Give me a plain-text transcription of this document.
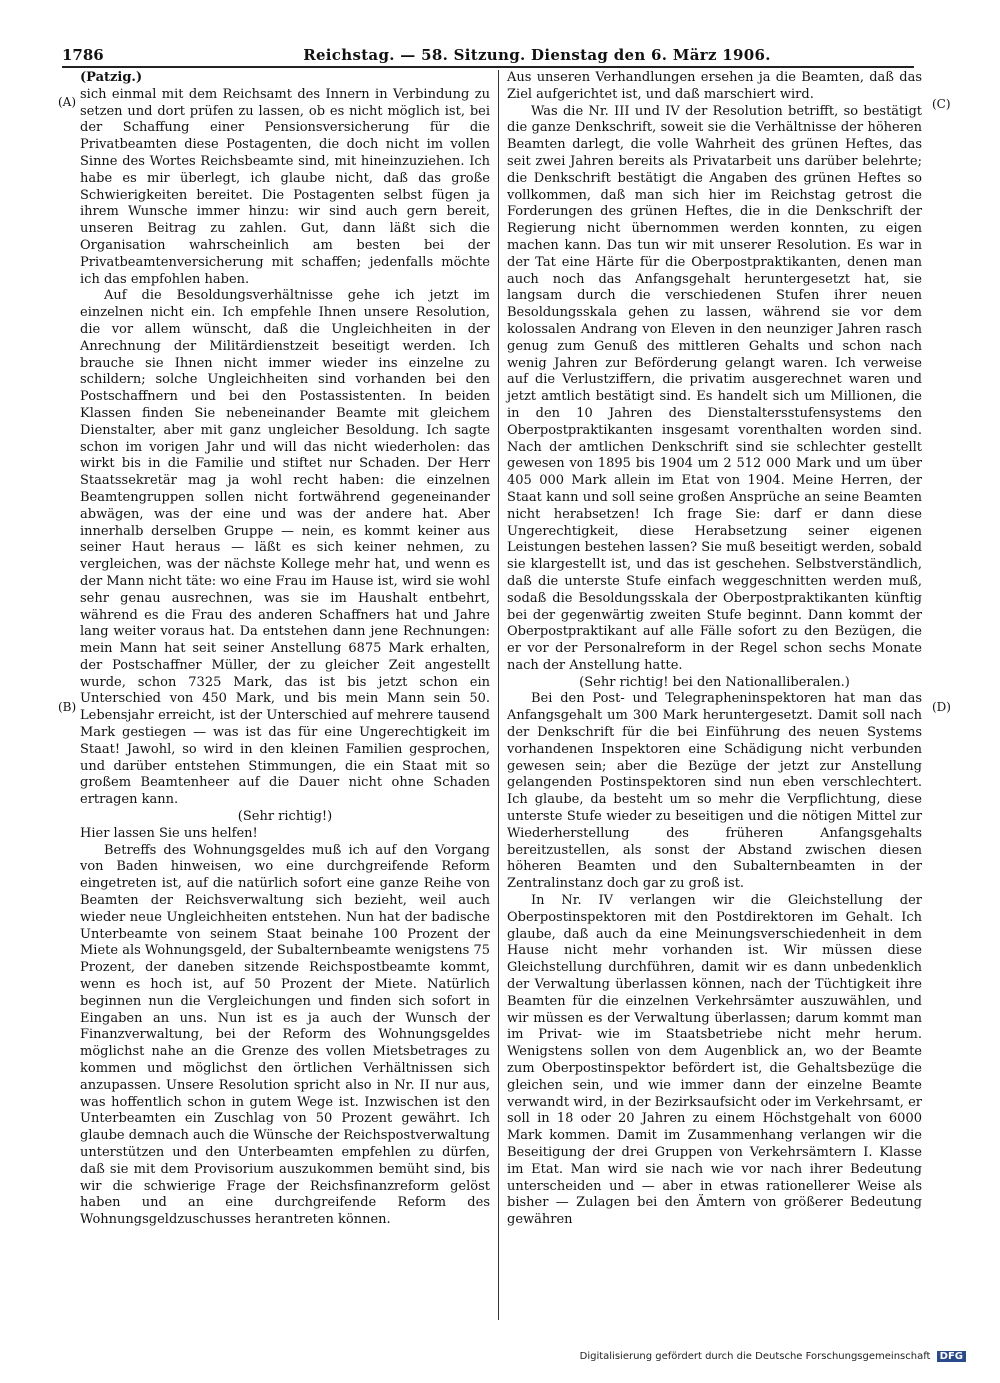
1786	Reichstag. — 58. Sitzung. Dienstag den 6. März 1906.
(A)
(B)
(C)
(D)

(Patzig.)

sich einmal mit dem Reichsamt des Innern in Verbindung zu setzen und dort prüfen zu lassen, ob es nicht möglich ist, bei der Schaffung einer Pensionsversicherung für die Privatbeamten diese Postagenten, die doch nicht im vollen Sinne des Wortes Reichsbeamte sind, mit hineinzuziehen. Ich habe es mir überlegt, ich glaube nicht, daß das große Schwierigkeiten bereitet. Die Postagenten selbst fügen ja ihrem Wunsche immer hinzu: wir sind auch gern bereit, unseren Beitrag zu zahlen. Gut, dann läßt sich die Organisation wahrscheinlich am besten bei der Privatbeamtenversicherung mit schaffen; jedenfalls möchte ich das empfohlen haben.

Auf die Besoldungsverhältnisse gehe ich jetzt im einzelnen nicht ein. Ich empfehle Ihnen unsere Resolution, die vor allem wünscht, daß die Ungleichheiten in der Anrechnung der Militärdienstzeit beseitigt werden. Ich brauche sie Ihnen nicht immer wieder ins einzelne zu schildern; solche Ungleichheiten sind vorhanden bei den Postschaffnern und bei den Postassistenten. In beiden Klassen finden Sie nebeneinander Beamte mit gleichem Dienstalter, aber mit ganz ungleicher Besoldung. Ich sagte schon im vorigen Jahr und will das nicht wiederholen: das wirkt bis in die Familie und stiftet nur Schaden. Der Herr Staatssekretär mag ja wohl recht haben: die einzelnen Beamtengruppen sollen nicht fortwährend gegeneinander abwägen, was der eine und was der andere hat. Aber innerhalb derselben Gruppe — nein, es kommt keiner aus seiner Haut heraus — läßt es sich keiner nehmen, zu vergleichen, was der nächste Kollege mehr hat, und wenn es der Mann nicht täte: wo eine Frau im Hause ist, wird sie wohl sehr genau ausrechnen, was sie im Haushalt entbehrt, während es die Frau des anderen Schaffners hat und Jahre lang weiter voraus hat. Da entstehen dann jene Rechnungen: mein Mann hat seit seiner Anstellung 6875 Mark erhalten, der Postschaffner Müller, der zu gleicher Zeit angestellt wurde, schon 7325 Mark, das ist bis jetzt schon ein Unterschied von 450 Mark, und bis mein Mann sein 50. Lebensjahr erreicht, ist der Unterschied auf mehrere tausend Mark gestiegen — was ist das für eine Ungerechtigkeit im Staat! Jawohl, so wird in den kleinen Familien gesprochen, und darüber entstehen Stimmungen, die ein Staat mit so großem Beamtenheer auf die Dauer nicht ohne Schaden ertragen kann.

(Sehr richtig!)

Hier lassen Sie uns helfen!

Betreffs des Wohnungsgeldes muß ich auf den Vorgang von Baden hinweisen, wo eine durchgreifende Reform eingetreten ist, auf die natürlich sofort eine ganze Reihe von Beamten der Reichsverwaltung sich bezieht, weil auch wieder neue Ungleichheiten entstehen. Nun hat der badische Unterbeamte von seinem Staat beinahe 100 Prozent der Miete als Wohnungsgeld, der Subalternbeamte wenigstens 75 Prozent, der daneben sitzende Reichspostbeamte kommt, wenn es hoch ist, auf 50 Prozent der Miete. Natürlich beginnen nun die Vergleichungen und finden sich sofort in Eingaben an uns. Nun ist es ja auch der Wunsch der Finanzverwaltung, bei der Reform des Wohnungsgeldes möglichst nahe an die Grenze des vollen Mietsbetrages zu kommen und möglichst den örtlichen Verhältnissen sich anzupassen. Unsere Resolution spricht also in Nr. II nur aus, was hoffentlich schon in gutem Wege ist. Inzwischen ist den Unterbeamten ein Zuschlag von 50 Prozent gewährt. Ich glaube demnach auch die Wünsche der Reichspostverwaltung unterstützen und den Unterbeamten empfehlen zu dürfen, daß sie mit dem Provisorium auszukommen bemüht sind, bis wir die schwierige Frage der Reichsfinanzreform gelöst haben und an eine durchgreifende Reform des Wohnungsgeldzuschusses herantreten können.

Aus unseren Verhandlungen ersehen ja die Beamten, daß das Ziel aufgerichtet ist, und daß marschiert wird.

Was die Nr. III und IV der Resolution betrifft, so bestätigt die ganze Denkschrift, soweit sie die Verhältnisse der höheren Beamten darlegt, die volle Wahrheit des grünen Heftes, das seit zwei Jahren bereits als Privatarbeit uns darüber belehrte; die Denkschrift bestätigt die Angaben des grünen Heftes so vollkommen, daß man sich hier im Reichstag getrost die Forderungen des grünen Heftes, die in die Denkschrift der Regierung nicht übernommen werden konnten, zu eigen machen kann. Das tun wir mit unserer Resolution. Es war in der Tat eine Härte für die Oberpostpraktikanten, denen man auch noch das Anfangsgehalt heruntergesetzt hat, sie langsam durch die verschiedenen Stufen ihrer neuen Besoldungsskala gehen zu lassen, während sie vor dem kolossalen Andrang von Eleven in den neunziger Jahren rasch genug zum Genuß des mittleren Gehalts und schon nach wenig Jahren zur Beförderung gelangt waren. Ich verweise auf die Verlustziffern, die privatim ausgerechnet waren und jetzt amtlich bestätigt sind. Es handelt sich um Millionen, die in den 10 Jahren des Dienstaltersstufensystems den Oberpostpraktikanten insgesamt vorenthalten worden sind. Nach der amtlichen Denkschrift sind sie schlechter gestellt gewesen von 1895 bis 1904 um 2 512 000 Mark und um über 405 000 Mark allein im Etat von 1904. Meine Herren, der Staat kann und soll seine großen Ansprüche an seine Beamten nicht herabsetzen! Ich frage Sie: darf er dann diese Ungerechtigkeit, diese Herabsetzung seiner eigenen Leistungen bestehen lassen? Sie muß beseitigt werden, sobald sie klargestellt ist, und das ist geschehen. Selbstverständlich, daß die unterste Stufe einfach weggeschnitten werden muß, sodaß die Besoldungsskala der Oberpostpraktikanten künftig bei der gegenwärtig zweiten Stufe beginnt. Dann kommt der Oberpostpraktikant auf alle Fälle sofort zu den Bezügen, die er vor der Personalreform in der Regel schon sechs Monate nach der Anstellung hatte.

(Sehr richtig! bei den Nationalliberalen.)

Bei den Post- und Telegrapheninspektoren hat man das Anfangsgehalt um 300 Mark heruntergesetzt. Damit soll nach der Denkschrift für die bei Einführung des neuen Systems vorhandenen Inspektoren eine Schädigung nicht verbunden gewesen sein; aber die Bezüge der jetzt zur Anstellung gelangenden Postinspektoren sind nun eben verschlechtert. Ich glaube, da besteht um so mehr die Verpflichtung, diese unterste Stufe wieder zu beseitigen und die nötigen Mittel zur Wiederherstellung des früheren Anfangsgehalts bereitzustellen, als sonst der Abstand zwischen diesen höheren Beamten und den Subalternbeamten in der Zentralinstanz doch gar zu groß ist.

In Nr. IV verlangen wir die Gleichstellung der Oberpostinspektoren mit den Postdirektoren im Gehalt. Ich glaube, daß auch da eine Meinungsverschiedenheit in dem Hause nicht mehr vorhanden ist. Wir müssen diese Gleichstellung durchführen, damit wir es dann unbedenklich der Verwaltung überlassen können, nach der Tüchtigkeit ihre Beamten für die einzelnen Verkehrsämter auszuwählen, und wir müssen es der Verwaltung überlassen; darum kommt man im Privat- wie im Staatsbetriebe nicht mehr herum. Wenigstens sollen von dem Augenblick an, wo der Beamte zum Oberpostinspektor befördert ist, die Gehaltsbezüge die gleichen sein, und wie immer dann der einzelne Beamte verwandt wird, in der Bezirksaufsicht oder im Verkehrsamt, er soll in 18 oder 20 Jahren zu einem Höchstgehalt von 6000 Mark kommen. Damit im Zusammenhang verlangen wir die Beseitigung der drei Gruppen von Verkehrsämtern I. Klasse im Etat. Man wird sie nach wie vor nach ihrer Bedeutung unterscheiden und — aber in etwas rationellerer Weise als bisher — Zulagen bei den Ämtern von größerer Bedeutung gewähren

Digitalisierung gefördert durch die Deutsche Forschungsgemeinschaft DFG
